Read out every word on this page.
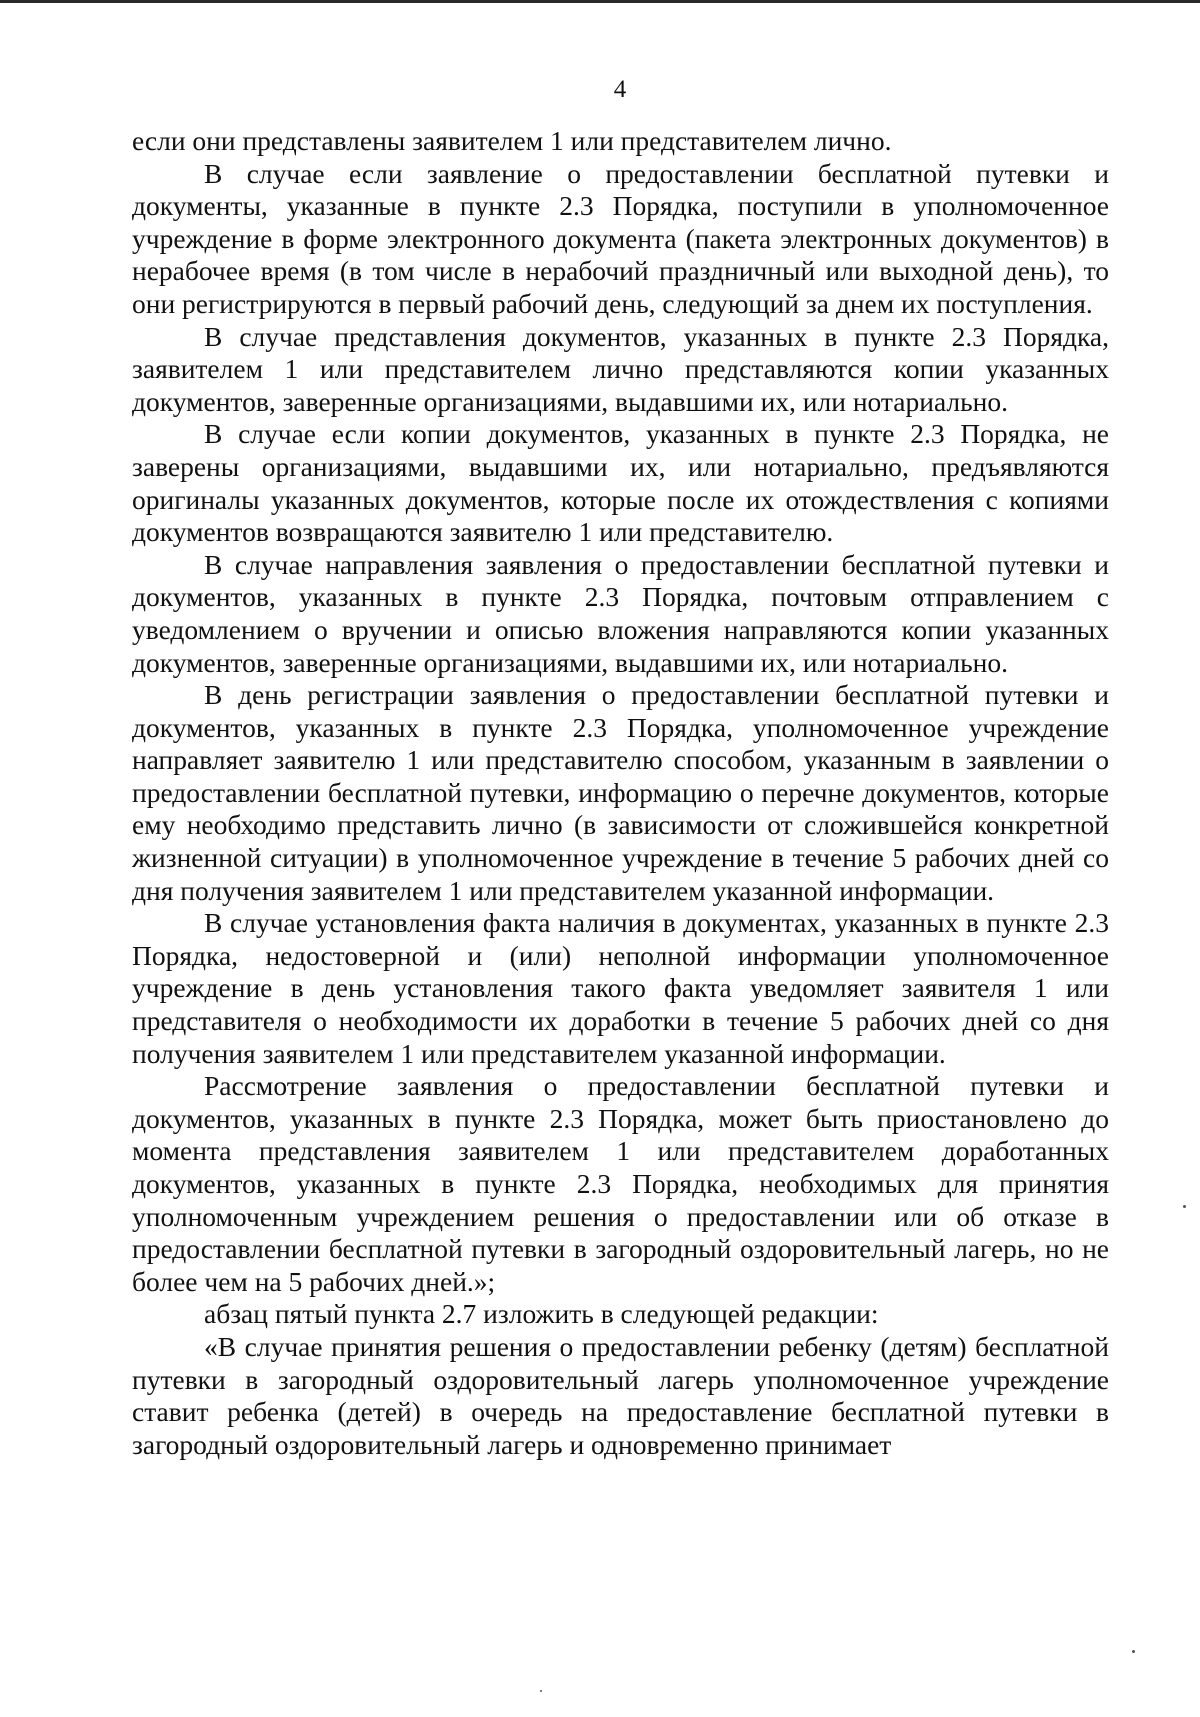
4

если они представлены заявителем 1 или представителем лично.

В случае если заявление о предоставлении бесплатной путевки и документы, указанные в пункте 2.3 Порядка, поступили в уполномоченное учреждение в форме электронного документа (пакета электронных документов) в нерабочее время (в том числе в нерабочий праздничный или выходной день), то они регистрируются в первый рабочий день, следующий за днем их поступления.

В случае представления документов, указанных в пункте 2.3 Порядка, заявителем 1 или представителем лично представляются копии указанных документов, заверенные организациями, выдавшими их, или нотариально.

В случае если копии документов, указанных в пункте 2.3 Порядка, не заверены организациями, выдавшими их, или нотариально, предъявляются оригиналы указанных документов, которые после их отождествления с копиями документов возвращаются заявителю 1 или представителю.

В случае направления заявления о предоставлении бесплатной путевки и документов, указанных в пункте 2.3 Порядка, почтовым отправлением с уведомлением о вручении и описью вложения направляются копии указанных документов, заверенные организациями, выдавшими их, или нотариально.

В день регистрации заявления о предоставлении бесплатной путевки и документов, указанных в пункте 2.3 Порядка, уполномоченное учреждение направляет заявителю 1 или представителю способом, указанным в заявлении о предоставлении бесплатной путевки, информацию о перечне документов, которые ему необходимо представить лично (в зависимости от сложившейся конкретной жизненной ситуации) в уполномоченное учреждение в течение 5 рабочих дней со дня получения заявителем 1 или представителем указанной информации.

В случае установления факта наличия в документах, указанных в пункте 2.3 Порядка, недостоверной и (или) неполной информации уполномоченное учреждение в день установления такого факта уведомляет заявителя 1 или представителя о необходимости их доработки в течение 5 рабочих дней со дня получения заявителем 1 или представителем указанной информации.

Рассмотрение заявления о предоставлении бесплатной путевки и документов, указанных в пункте 2.3 Порядка, может быть приостановлено до момента представления заявителем 1 или представителем доработанных документов, указанных в пункте 2.3 Порядка, необходимых для принятия уполномоченным учреждением решения о предоставлении или об отказе в предоставлении бесплатной путевки в загородный оздоровительный лагерь, но не более чем на 5 рабочих дней.»;

абзац пятый пункта 2.7 изложить в следующей редакции:

«В случае принятия решения о предоставлении ребенку (детям) бесплатной путевки в загородный оздоровительный лагерь уполномоченное учреждение ставит ребенка (детей) в очередь на предоставление бесплатной путевки в загородный оздоровительный лагерь и одновременно принимает
